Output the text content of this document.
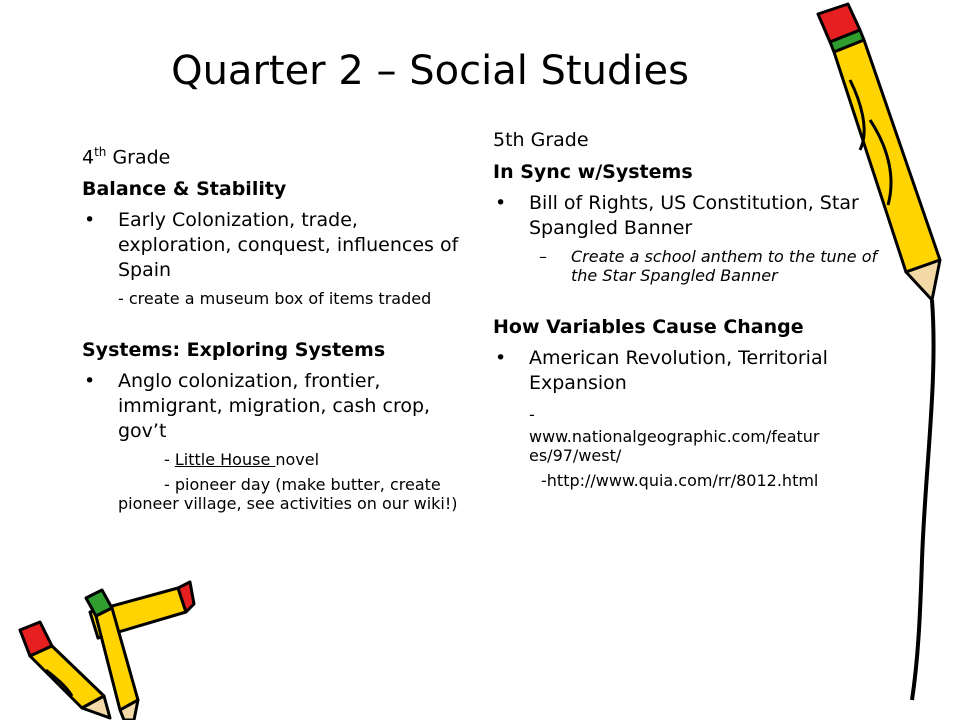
Quarter 2 – Social Studies
4th Grade
Balance & Stability
• Early Colonization, trade, exploration, conquest, influences of Spain
- create a museum box of items traded
Systems: Exploring Systems
• Anglo colonization, frontier, immigrant, migration, cash crop, gov’t
- Little House novel
- pioneer day (make butter, create pioneer village, see activities on our wiki!)
5th Grade
In Sync w/Systems
• Bill of Rights, US Constitution, Star Spangled Banner
– Create a school anthem to the tune of the Star Spangled Banner
How Variables Cause Change
• American Revolution, Territorial Expansion
-
www.nationalgeographic.com/featur es/97/west/
-http://www.quia.com/rr/8012.html
